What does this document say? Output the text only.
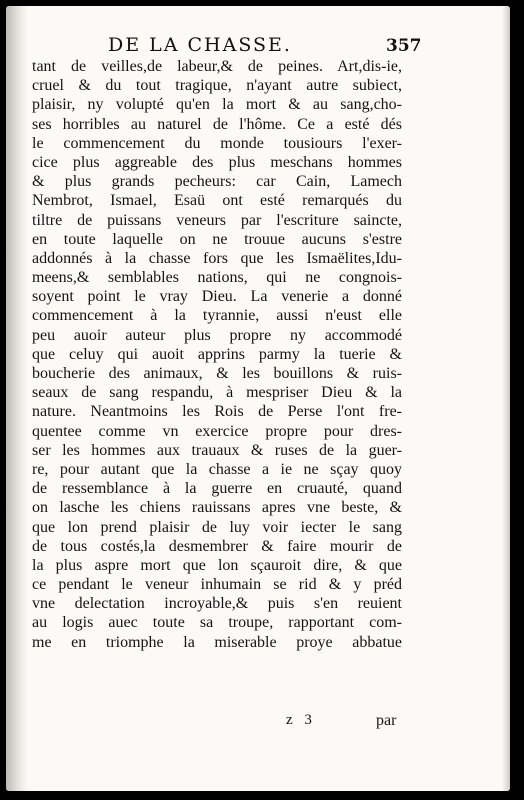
DE LA CHASSE.	357
tant de veilles,de labeur,& de peines. Art,dis-ie,
cruel & du tout tragique, n'ayant autre subiect,
plaisir, ny volupté qu'en la mort & au sang,cho-
ses horribles au naturel de l'hôme. Ce a esté dés
le commencement du monde tousiours l'exer-
cice plus aggreable des plus meschans hommes
& plus grands pecheurs: car Cain, Lamech
Nembrot, Ismael, Esaü ont esté remarqués du
tiltre de puissans veneurs par l'escriture saincte,
en toute laquelle on ne trouue aucuns s'estre
addonnés à la chasse fors que les Ismaëlites,Idu-
meens,& semblables nations, qui ne congnois-
soyent point le vray Dieu. La venerie a donné
commencement à la tyrannie, aussi n'eust elle
peu auoir auteur plus propre ny accommodé
que celuy qui auoit apprins parmy la tuerie &
boucherie des animaux, & les bouillons & ruis-
seaux de sang respandu, à mespriser Dieu & la
nature. Neantmoins les Rois de Perse l'ont fre-
quentee comme vn exercice propre pour dres-
ser les hommes aux trauaux & ruses de la guer-
re, pour autant que la chasse a ie ne sçay quoy
de ressemblance à la guerre en cruauté, quand
on lasche les chiens rauissans apres vne beste, &
que lon prend plaisir de luy voir iecter le sang
de tous costés,la desmembrer & faire mourir de
la plus aspre mort que lon sçauroit dire, & que
ce pendant le veneur inhumain se rid & y préd
vne delectation incroyable,& puis s'en reuient
au logis auec toute sa troupe, rapportant com-
me en triomphe la miserable proye abbatue
z 3	par
